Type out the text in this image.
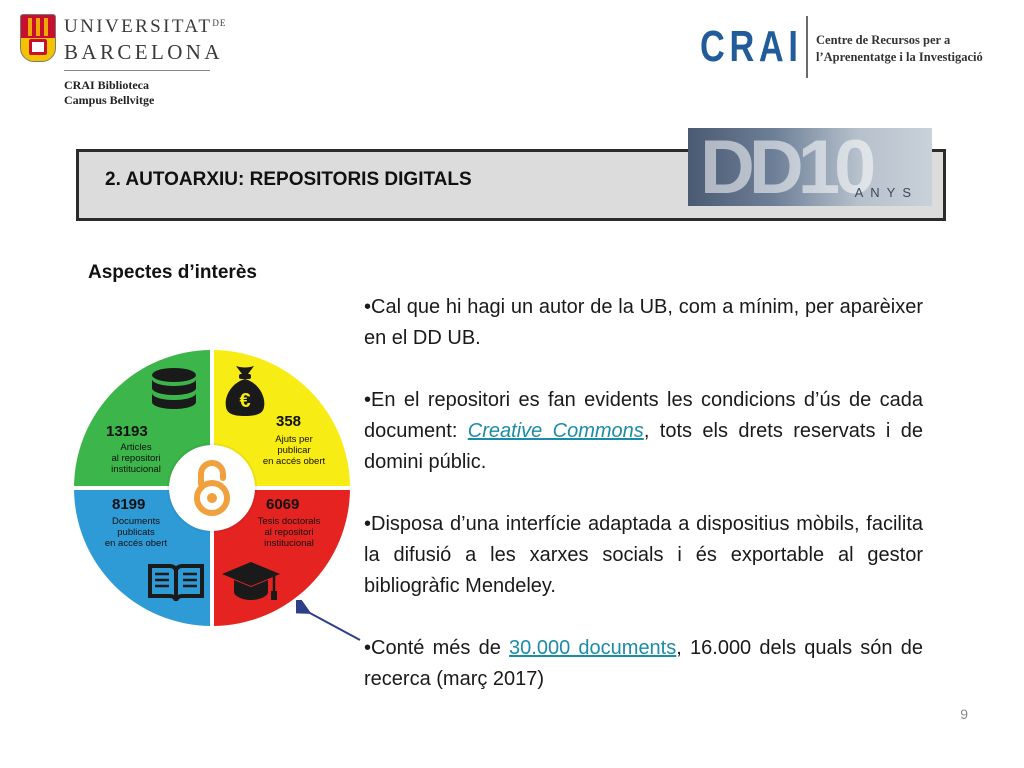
$UNIVERSITAT^{DE}$
BARCELONA
CRAI Biblioteca
Campus Bellvitge
CRAI Centre de Recursos per a
l’Aprenentatge i la Investigació
2. AUTOARXIU: REPOSITORIS DIGITALS	DD10
ANYS
Aspectes d’interès
13193
Articles
al repositori
institucional
€
358
Ajuts per
publicar
en accés obert
8199
Documents
publicats
en accés obert
6069
Tesis doctorals
al repositori
institucional

•Cal que hi hagi un autor de la UB, com a mínim, per aparèixer en el DD UB.

•En el repositori es fan evidents les condicions d’ús de cada document: Creative Commons, tots els drets reservats i de domini públic.

•Disposa d’una interfície adaptada a dispositius mòbils, facilita la difusió a les xarxes socials i és exportable al gestor bibliogràfic Mendeley.

•Conté més de 30.000 documents, 16.000 dels quals són de recerca (març 2017)

9
